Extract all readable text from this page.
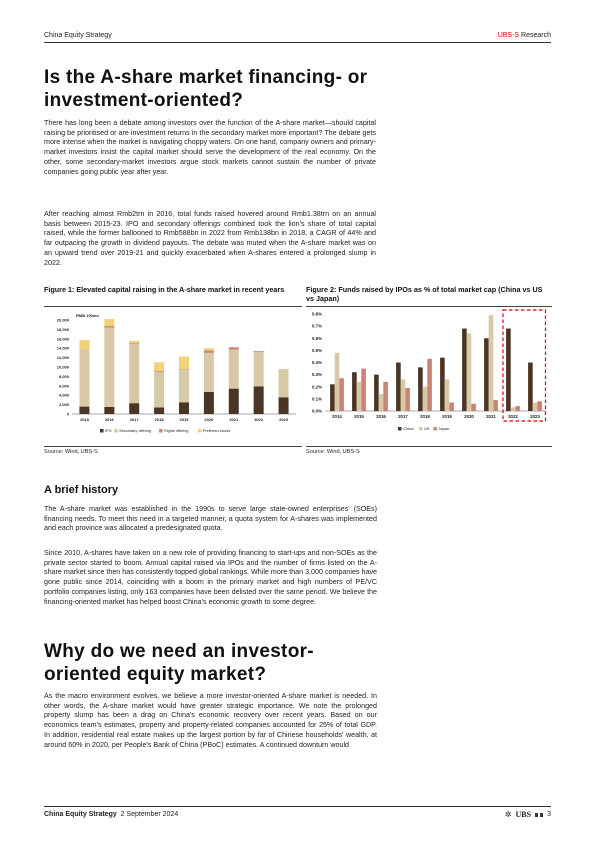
China Equity Strategy	UBS-S Research
Is the A-share market financing- or investment-oriented?
There has long been a debate among investors over the function of the A-share market—should capital raising be prioritised or are investment returns in the secondary market more important? The debate gets more intense when the market is navigating choppy waters. On one hand, company owners and primary-market investors insist the capital market should serve the development of the real economy. On the other, some secondary-market investors argue stock markets cannot sustain the number of private companies going public year after year.
After reaching almost Rmb2trn in 2016, total funds raised hovered around Rmb1.38trn on an annual basis between 2015-23. IPO and secondary offerings combined took the lion's share of total capital raised, while the former ballooned to Rmb588bn in 2022 from Rmb138bn in 2018, a CAGR of 44% and far outpacing the growth in dividend payouts. The debate was muted when the A-share market was on an upward trend over 2019-21 and quickly exacerbated when A-shares entered a prolonged slump in 2022.
Figure 1: Elevated capital raising in the A-share market in recent years
RMB 100mn
0
2,000
4,000
6,000
8,000
10,000
12,000
14,000
16,000
18,000
20,000
2015	2016	2017	2018	2019	2020	2021	2022	2023
IPO Secondary offering	Rights offering	Preferred stocks
Source: Wind, UBS-S
Figure 2: Funds raised by IPOs as % of total market cap (China vs US vs Japan)
0.0%
0.1%
0.2%
0.3%
0.4%
0.5%
0.6%
0.7%
0.8%
2014	2015	2016	2017	2018	2019	2020	2021	2022	2023
China	US Japan
Source: Wind, UBS-S
A brief history
The A-share market was established in the 1990s to serve large state-owned enterprises' (SOEs) financing needs. To meet this need in a targeted manner, a quota system for A-shares was implemented and each province was allocated a predesignated quota.
Since 2010, A-shares have taken on a new role of providing financing to start-ups and non-SOEs as the private sector started to boom. Annual capital raised via IPOs and the number of firms listed on the A-share market since then has consistently topped global rankings. While more than 3,000 companies have gone public since 2014, coinciding with a boom in the primary market and high numbers of PE/VC portfolio companies listing, only 163 companies have been delisted over the same period. We believe the financing-oriented market has helped boost China's economic growth to some degree.
Why do we need an investor-oriented equity market?
As the macro environment evolves, we believe a more investor-oriented A-share market is needed. In other words, the A-share market would have greater strategic importance. We note the prolonged property slump has been a drag on China's economic recovery over recent years. Based on our economics team's estimates, property and property-related companies accounted for 25% of total GDP. In addition, residential real estate makes up the largest portion by far of Chinese households' wealth, at around 60% in 2020, per People's Bank of China (PBoC) estimates. A continued downturn would
China Equity Strategy 2 September 2024	✲ UBS 3
